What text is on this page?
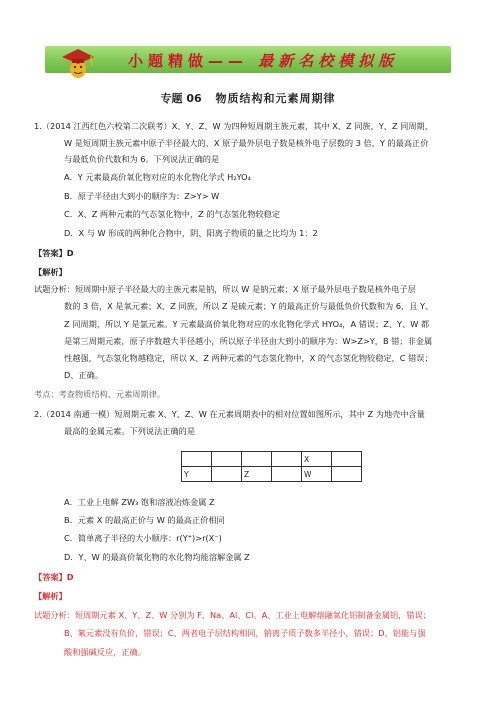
小题精做—— 最新名校模拟版
专题 06 物质结构和元素周期律
1.（2014 江西红色六校第二次联考）X、Y、Z、W 为四种短周期主族元素，其中 X、Z 同族，Y、Z 同周期，
W 是短周期主族元素中原子半径最大的，X 原子最外层电子数是核外电子层数的 3 倍，Y 的最高正价
与最低负价代数和为 6。下列说法正确的是
A．Y 元素最高价氧化物对应的水化物化学式 H₂YO₄
B．原子半径由大到小的顺序为：Z>Y> W
C．X、Z 两种元素的气态氢化物中，Z 的气态氢化物较稳定
D．X 与 W 形成的两种化合物中，阴、阳离子物质的量之比均为 1：2
【答案】D
【解析】
试题分析：短周期中原子半径最大的主族元素是钠，所以 W 是钠元素；X 原子最外层电子数是核外电子层
数的 3 倍，X 是氧元素；X、Z 同族，所以 Z 是硫元素；Y 的最高正价与最低负价代数和为 6，且 Y、
Z 同周期，所以 Y 是氯元素。Y 元素最高价氧化物对应的水化物化学式 HYO₄，A 错误；Z、Y、W 都
是第三周期元素，原子序数越大半径越小，所以原子半径由大到小的顺序为：W>Z>Y，B 错；非金属
性越强，气态氢化物越稳定，所以 X、Z 两种元素的气态氢化物中，X 的气态氢化物较稳定，C 错误；
D、正确。
考点：考查物质结构、元素周期律。
2.（2014 南通一模）短周期元素 X、Y、Z、W 在元素周期表中的相对位置如图所示，其中 Z 为地壳中含量
最高的金属元素。下列说法正确的是
				X	
Y		Z		W	
A．工业上电解 ZW₃ 饱和溶液冶炼金属 Z
B．元素 X 的最高正价与 W 的最高正价相同
C．简单离子半径的大小顺序：r(Y⁺)>r(X⁻)
D．Y、W 的最高价氧化物的水化物均能溶解金属 Z
【答案】D
【解析】
试题分析：短周期元素 X、Y、Z、W 分别为 F、Na、Al、Cl。A、工业上电解熔融氧化铝制备金属铝，错误；
B、氟元素没有负价，错误；C、两者电子层结构相同，钠离子质子数多半径小，错误；D、铝能与强
酸和强碱反应，正确。
